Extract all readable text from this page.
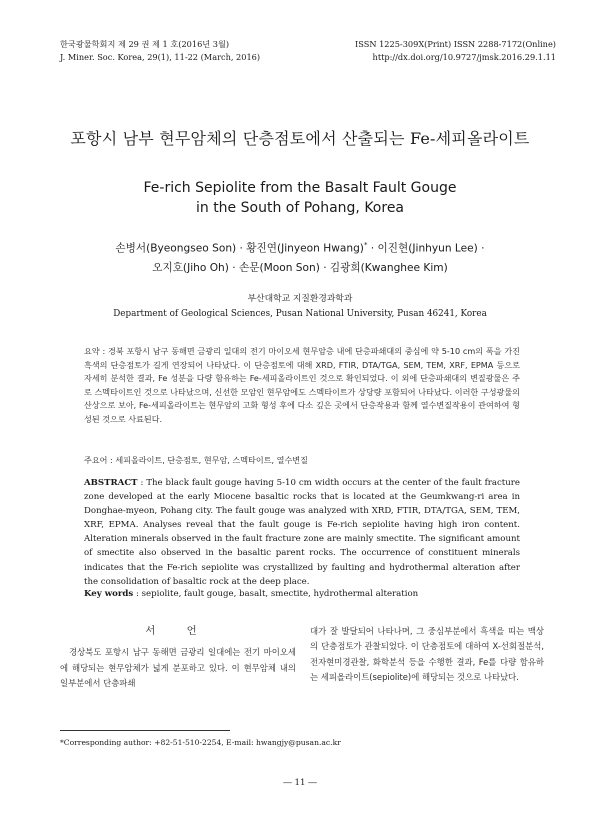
한국광물학회지 제 29 권 제 1 호(2016년 3월)
J. Miner. Soc. Korea, 29(1), 11-22 (March, 2016)
ISSN 1225-309X(Print) ISSN 2288-7172(Online)
http://dx.doi.org/10.9727/jmsk.2016.29.1.11
포항시 남부 현무암체의 단층점토에서 산출되는 Fe-세피올라이트
Fe-rich Sepiolite from the Basalt Fault Gouge
in the South of Pohang, Korea
손병서(Byeongseo Son) · 황진연(Jinyeon Hwang)* · 이진현(Jinhyun Lee) ·
오지호(Jiho Oh) · 손문(Moon Son) · 김광희(Kwanghee Kim)
부산대학교 지질환경과학과
Department of Geological Sciences, Pusan National University, Pusan 46241, Korea
요약 : 경북 포항시 남구 동해면 금광리 일대의 전기 마이오세 현무암층 내에 단층파쇄대의 중심에 약 5-10 cm의 폭을 가진 흑색의 단층점토가 길게 연장되어 나타났다. 이 단층점토에 대해 XRD, FTIR, DTA/TGA, SEM, TEM, XRF, EPMA 등으로 자세히 분석한 결과, Fe 성분을 다량 함유하는 Fe-세피올라이트인 것으로 확인되었다. 이 외에 단층파쇄대의 변질광물은 주로 스멕타이트인 것으로 나타났으며, 신선한 모암인 현무암에도 스멕타이트가 상당량 포함되어 나타났다. 이러한 구성광물의 산상으로 보아, Fe-세피올라이트는 현무암의 고화 형성 후에 다소 깊은 곳에서 단층작용과 함께 열수변질작용이 관여하여 형성된 것으로 사료된다.
주요어 : 세피올라이트, 단층점토, 현무암, 스멕타이트, 열수변질
ABSTRACT : The black fault gouge having 5-10 cm width occurs at the center of the fault fracture zone developed at the early Miocene basaltic rocks that is located at the Geumkwang-ri area in Donghae-myeon, Pohang city. The fault gouge was analyzed with XRD, FTIR, DTA/TGA, SEM, TEM, XRF, EPMA. Analyses reveal that the fault gouge is Fe-rich sepiolite having high iron content. Alteration minerals observed in the fault fracture zone are mainly smectite. The significant amount of smectite also observed in the basaltic parent rocks. The occurrence of constituent minerals indicates that the Fe-rich sepiolite was crystallized by faulting and hydrothermal alteration after the consolidation of basaltic rock at the deep place.
Key words : sepiolite, fault gouge, basalt, smectite, hydrothermal alteration
서 언

경상북도 포항시 남구 동해면 금광리 일대에는 전기 마이오세에 해당되는 현무암체가 넓게 분포하고 있다. 이 현무암체 내의 일부분에서 단층파쇄

대가 잘 발달되어 나타나며, 그 중심부분에서 흑색을 띠는 맥상의 단층점토가 관찰되었다. 이 단층점토에 대하여 X-선회절분석, 전자현미경관찰, 화학분석 등을 수행한 결과, Fe를 다량 함유하는 세피올라이트(sepiolite)에 해당되는 것으로 나타났다.

*Corresponding author: +82-51-510-2254, E-mail: hwangjy@pusan.ac.kr
― 11 ―
